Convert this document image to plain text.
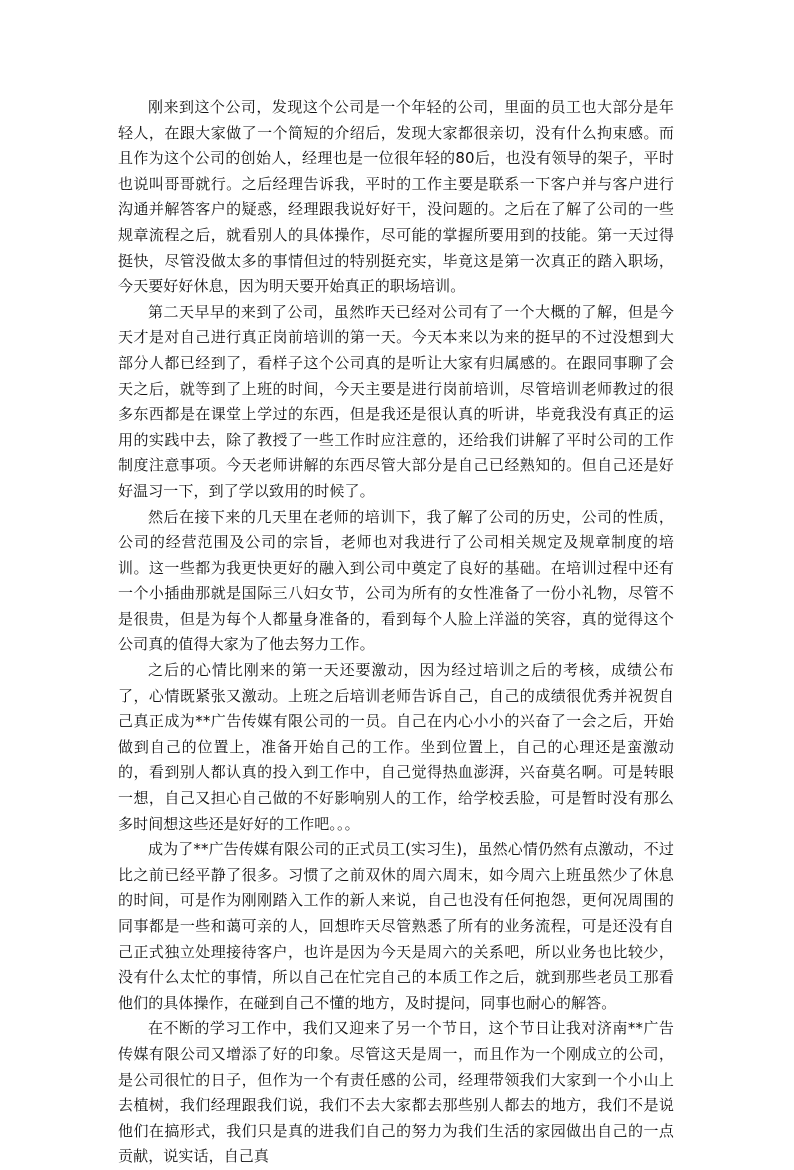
刚来到这个公司，发现这个公司是一个年轻的公司，里面的员工也大部分是年轻人，在跟大家做了一个简短的介绍后，发现大家都很亲切，没有什么拘束感。而且作为这个公司的创始人，经理也是一位很年轻的80后，也没有领导的架子，平时也说叫哥哥就行。之后经理告诉我，平时的工作主要是联系一下客户并与客户进行沟通并解答客户的疑惑，经理跟我说好好干，没问题的。之后在了解了公司的一些规章流程之后，就看别人的具体操作，尽可能的掌握所要用到的技能。第一天过得挺快，尽管没做太多的事情但过的特别挺充实，毕竟这是第一次真正的踏入职场，今天要好好休息，因为明天要开始真正的职场培训。

第二天早早的来到了公司，虽然昨天已经对公司有了一个大概的了解，但是今天才是对自己进行真正岗前培训的第一天。今天本来以为来的挺早的不过没想到大部分人都已经到了，看样子这个公司真的是听让大家有归属感的。在跟同事聊了会天之后，就等到了上班的时间，今天主要是进行岗前培训，尽管培训老师教过的很多东西都是在课堂上学过的东西，但是我还是很认真的听讲，毕竟我没有真正的运用的实践中去，除了教授了一些工作时应注意的，还给我们讲解了平时公司的工作制度注意事项。今天老师讲解的东西尽管大部分是自己已经熟知的。但自己还是好好温习一下，到了学以致用的时候了。

然后在接下来的几天里在老师的培训下，我了解了公司的历史，公司的性质，公司的经营范围及公司的宗旨，老师也对我进行了公司相关规定及规章制度的培训。这一些都为我更快更好的融入到公司中奠定了良好的基础。在培训过程中还有一个小插曲那就是国际三八妇女节，公司为所有的女性准备了一份小礼物，尽管不是很贵，但是为每个人都量身准备的，看到每个人脸上洋溢的笑容，真的觉得这个公司真的值得大家为了他去努力工作。

之后的心情比刚来的第一天还要激动，因为经过培训之后的考核，成绩公布了，心情既紧张又激动。上班之后培训老师告诉自己，自己的成绩很优秀并祝贺自己真正成为**广告传媒有限公司的一员。自己在内心小小的兴奋了一会之后，开始做到自己的位置上，准备开始自己的工作。坐到位置上，自己的心理还是蛮激动的，看到别人都认真的投入到工作中，自己觉得热血澎湃，兴奋莫名啊。可是转眼一想，自己又担心自己做的不好影响别人的工作，给学校丢脸，可是暂时没有那么多时间想这些还是好好的工作吧。。。

成为了**广告传媒有限公司的正式员工(实习生)，虽然心情仍然有点激动，不过比之前已经平静了很多。习惯了之前双休的周六周末，如今周六上班虽然少了休息的时间，可是作为刚刚踏入工作的新人来说，自己也没有任何抱怨，更何况周围的同事都是一些和蔼可亲的人，回想昨天尽管熟悉了所有的业务流程，可是还没有自己正式独立处理接待客户，也许是因为今天是周六的关系吧，所以业务也比较少，没有什么太忙的事情，所以自己在忙完自己的本质工作之后，就到那些老员工那看他们的具体操作，在碰到自己不懂的地方，及时提问，同事也耐心的解答。

在不断的学习工作中，我们又迎来了另一个节日，这个节日让我对济南**广告传媒有限公司又增添了好的印象。尽管这天是周一，而且作为一个刚成立的公司，是公司很忙的日子，但作为一个有责任感的公司，经理带领我们大家到一个小山上去植树，我们经理跟我们说，我们不去大家都去那些别人都去的地方，我们不是说他们在搞形式，我们只是真的进我们自己的努力为我们生活的家园做出自己的一点贡献，说实话，自己真
